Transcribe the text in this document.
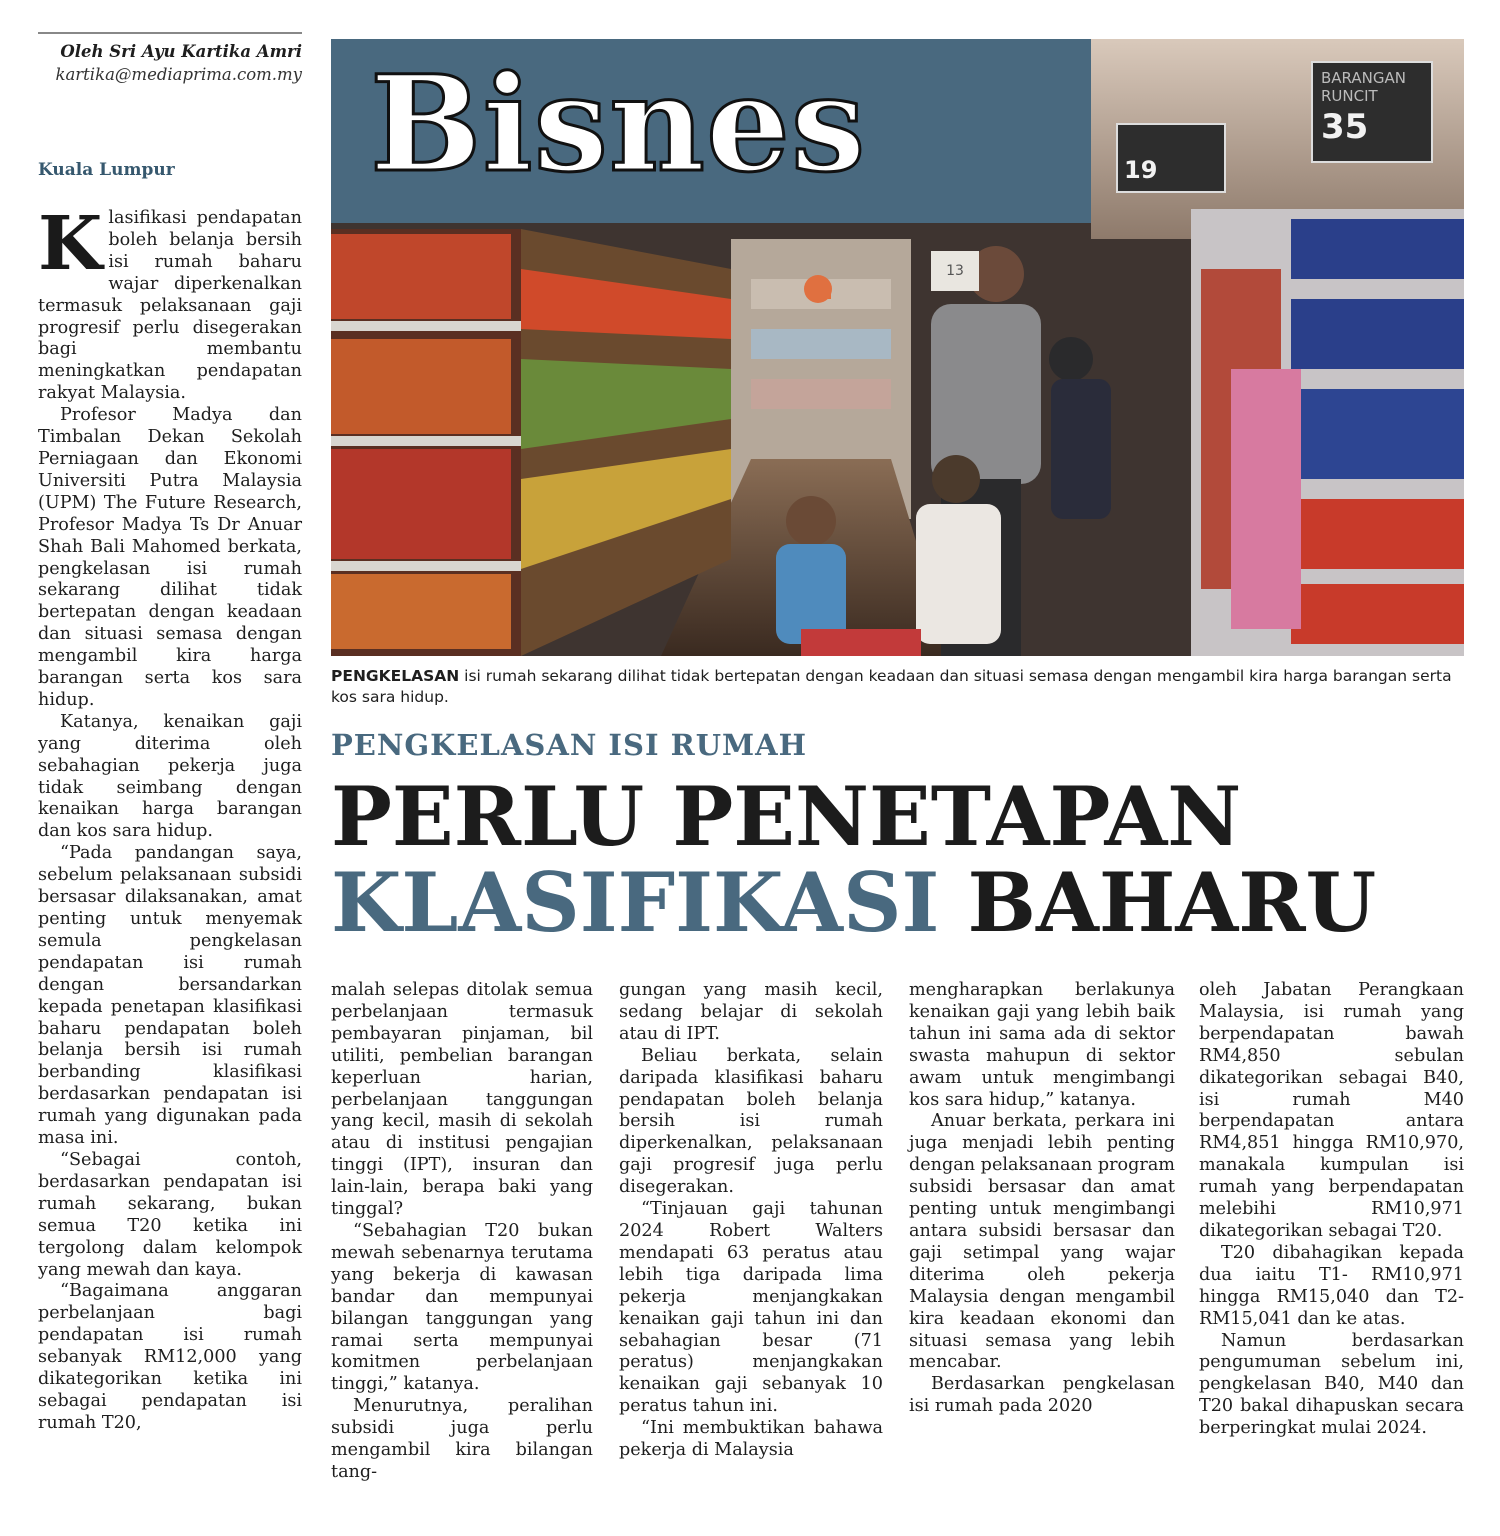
Oleh Sri Ayu Kartika Amri
kartika@mediaprima.com.my
Kuala Lumpur

Klasifikasi pendapatan boleh belanja bersih isi rumah baharu wajar diperkenalkan termasuk pelaksanaan gaji progresif perlu disegerakan bagi membantu meningkatkan pendapatan rakyat Malaysia.

Profesor Madya dan Timbalan Dekan Sekolah Perniagaan dan Ekonomi Universiti Putra Malaysia (UPM) The Future Research, Profesor Madya Ts Dr Anuar Shah Bali Mahomed berkata, pengkelasan isi rumah sekarang dilihat tidak bertepatan dengan keadaan dan situasi semasa dengan mengambil kira harga barangan serta kos sara hidup.

Katanya, kenaikan gaji yang diterima oleh sebahagian pekerja juga tidak seimbang dengan kenaikan harga barangan dan kos sara hidup.

“Pada pandangan saya, sebelum pelaksanaan subsidi bersasar dilaksanakan, amat penting untuk menyemak semula pengkelasan pendapatan isi rumah dengan bersandarkan kepada penetapan klasifikasi baharu pendapatan boleh belanja bersih isi rumah berbanding klasifikasi berdasarkan pendapatan isi rumah yang digunakan pada masa ini.

“Sebagai contoh, berdasarkan pendapatan isi rumah sekarang, bukan semua T20 ketika ini tergolong dalam kelompok yang mewah dan kaya.

“Bagaimana anggaran perbelanjaan bagi pendapatan isi rumah sebanyak RM12,000 yang dikategorikan ketika ini sebagai pendapatan isi rumah T20,

BARANGAN
RUNCIT
35
19
13
Bisnes
PENGKELASAN isi rumah sekarang dilihat tidak bertepatan dengan keadaan dan situasi semasa dengan mengambil kira harga barangan serta kos sara hidup.
PENGKELASAN ISI RUMAH
PERLU PENETAPAN
KLASIFIKASI BAHARU

malah selepas ditolak semua perbelanjaan termasuk pembayaran pinjaman, bil utiliti, pembelian barangan keperluan harian, perbelanjaan tanggungan yang kecil, masih di sekolah atau di institusi pengajian tinggi (IPT), insuran dan lain-lain, berapa baki yang tinggal?

“Sebahagian T20 bukan mewah sebenarnya terutama yang bekerja di kawasan bandar dan mempunyai bilangan tanggungan yang ramai serta mempunyai komitmen perbelanjaan tinggi,” katanya.

Menurutnya, peralihan subsidi juga perlu mengambil kira bilangan tang-

gungan yang masih kecil, sedang belajar di sekolah atau di IPT.

Beliau berkata, selain daripada klasifikasi baharu pendapatan boleh belanja bersih isi rumah diperkenalkan, pelaksanaan gaji progresif juga perlu disegerakan.

“Tinjauan gaji tahunan 2024 Robert Walters mendapati 63 peratus atau lebih tiga daripada lima pekerja menjangkakan kenaikan gaji tahun ini dan sebahagian besar (71 peratus) menjangkakan kenaikan gaji sebanyak 10 peratus tahun ini.

“Ini membuktikan bahawa pekerja di Malaysia

mengharapkan berlakunya kenaikan gaji yang lebih baik tahun ini sama ada di sektor swasta mahupun di sektor awam untuk mengimbangi kos sara hidup,” katanya.

Anuar berkata, perkara ini juga menjadi lebih penting dengan pelaksanaan program subsidi bersasar dan amat penting untuk mengimbangi antara subsidi bersasar dan gaji setimpal yang wajar diterima oleh pekerja Malaysia dengan mengambil kira keadaan ekonomi dan situasi semasa yang lebih mencabar.

Berdasarkan pengkelasan isi rumah pada 2020

oleh Jabatan Perangkaan Malaysia, isi rumah yang berpendapatan bawah RM4,850 sebulan dikategorikan sebagai B40, isi rumah M40 berpendapatan antara RM4,851 hingga RM10,970, manakala kumpulan isi rumah yang berpendapatan melebihi RM10,971 dikategorikan sebagai T20.

T20 dibahagikan kepada dua iaitu T1- RM10,971 hingga RM15,040 dan T2- RM15,041 dan ke atas.

Namun berdasarkan pengumuman sebelum ini, pengkelasan B40, M40 dan T20 bakal dihapuskan secara berperingkat mulai 2024.
